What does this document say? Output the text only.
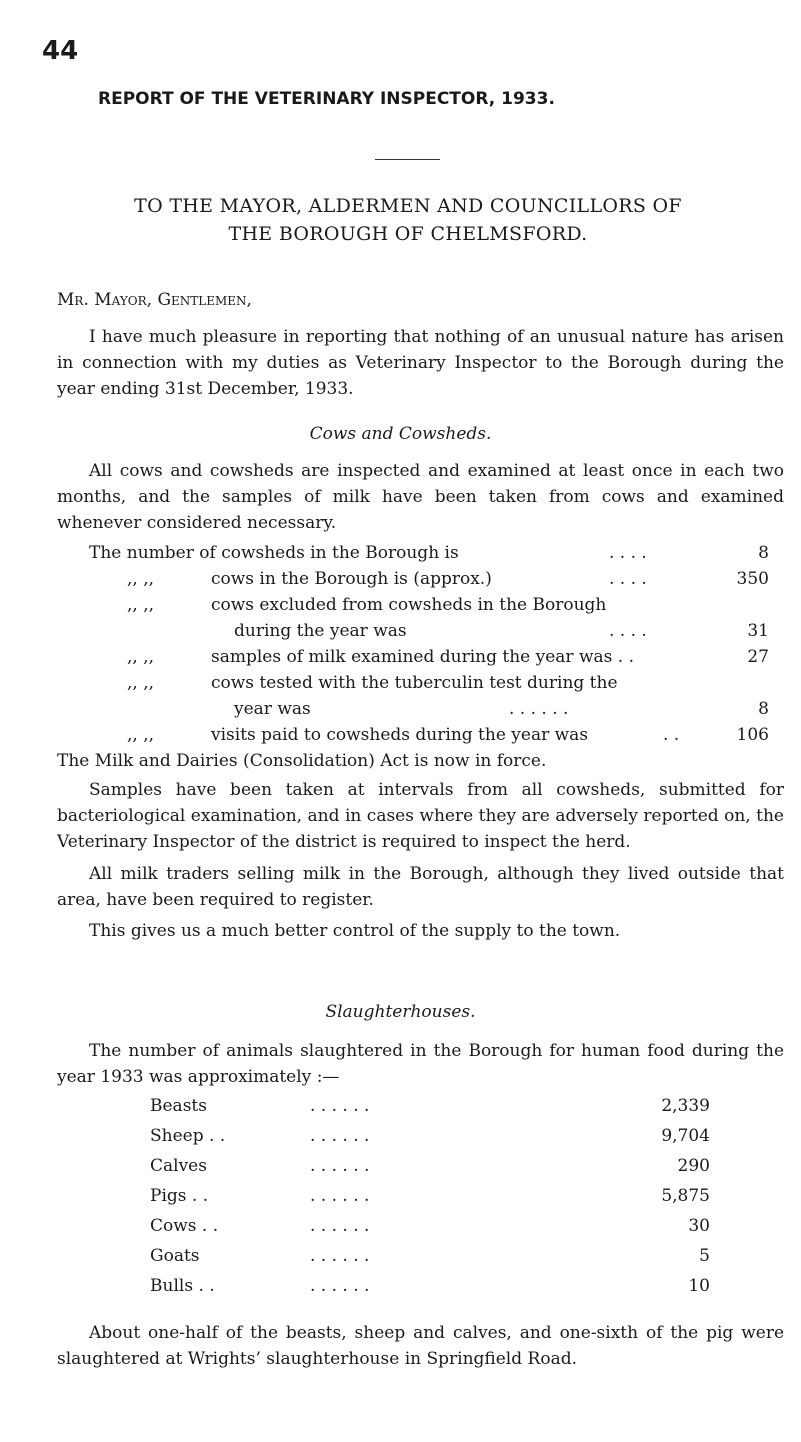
44
REPORT OF THE VETERINARY INSPECTOR, 1933.
TO THE MAYOR, ALDERMEN AND COUNCILLORS OF
THE BOROUGH OF CHELMSFORD.
Mr. Mayor, Gentlemen,
I have much pleasure in reporting that nothing of an unusual nature has arisen in connection with my duties as Veterinary Inspector to the Borough during the year ending 31st December, 1933.
Cows and Cowsheds.
All cows and cowsheds are inspected and examined at least once in each two months, and the samples of milk have been taken from cows and examined whenever considered necessary.
The number of cowsheds in the Borough is	. . . .	8
,, ,,	cows in the Borough is (approx.)	. . . .	350
,, ,,	cows excluded from cowsheds in the Borough
during the year was	. . . .	31
,, ,,	samples of milk examined during the year was . .	27
,, ,,	cows tested with the tuberculin test during the
year was	. . . . . .	8
,, ,,	visits paid to cowsheds during the year was	. .	106
The Milk and Dairies (Consolidation) Act is now in force.
Samples have been taken at intervals from all cowsheds, submitted for bacteriological examination, and in cases where they are adversely reported on, the Veterinary Inspector of the district is required to inspect the herd.
All milk traders selling milk in the Borough, although they lived outside that area, have been required to register.
This gives us a much better control of the supply to the town.
Slaughterhouses.
The number of animals slaughtered in the Borough for human food during the year 1933 was approximately :—
Beasts	. . . . . .	2,339
Sheep . .	. . . . . .	9,704
Calves	. . . . . .	290
Pigs . .	. . . . . .	5,875
Cows . .	. . . . . .	30
Goats	. . . . . .	5
Bulls . .	. . . . . .	10
About one-half of the beasts, sheep and calves, and one-sixth of the pig were slaughtered at Wrights’ slaughterhouse in Springfield Road.
